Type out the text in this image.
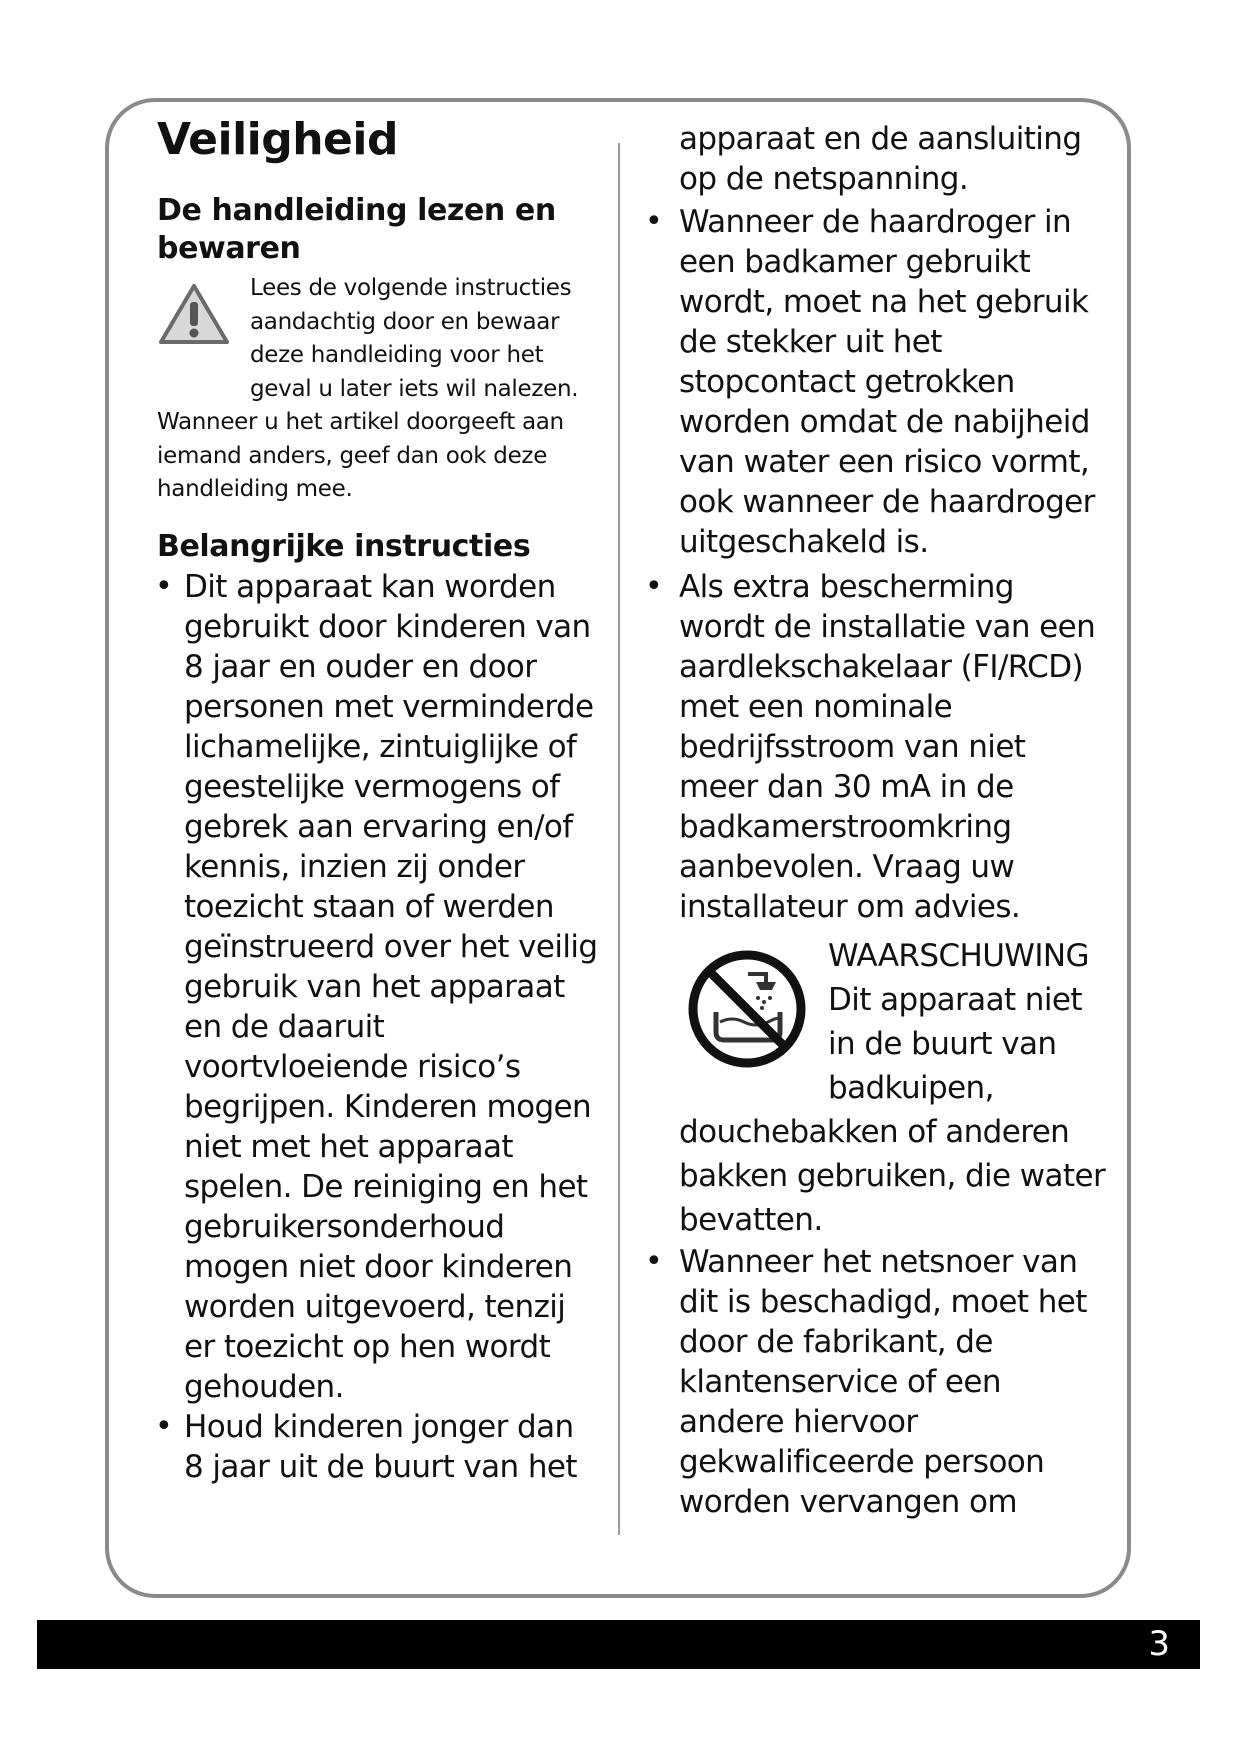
Veiligheid
De handleiding lezen en bewaren
Lees de volgende instructies
aandachtig door en bewaar
deze handleiding voor het
geval u later iets wil nalezen.
Wanneer u het artikel doorgeeft aan
iemand anders, geef dan ook deze
handleiding mee.
Belangrijke instructies
• Dit apparaat kan worden
gebruikt door kinderen van
8 jaar en ouder en door
personen met verminderde
lichamelijke, zintuiglijke of
geestelijke vermogens of
gebrek aan ervaring en/of
kennis, inzien zij onder
toezicht staan of werden
geïnstrueerd over het veilig
gebruik van het apparaat
en de daaruit
voortvloeiende risico’s
begrijpen. Kinderen mogen
niet met het apparaat
spelen. De reiniging en het
gebruikersonderhoud
mogen niet door kinderen
worden uitgevoerd, tenzij
er toezicht op hen wordt
gehouden.
• Houd kinderen jonger dan
8 jaar uit de buurt van het
apparaat en de aansluiting
op de netspanning.
• Wanneer de haardroger in
een badkamer gebruikt
wordt, moet na het gebruik
de stekker uit het
stopcontact getrokken
worden omdat de nabijheid
van water een risico vormt,
ook wanneer de haardroger
uitgeschakeld is.
• Als extra bescherming
wordt de installatie van een
aardlekschakelaar (FI/RCD)
met een nominale
bedrijfsstroom van niet
meer dan 30 mA in de
badkamerstroomkring
aanbevolen. Vraag uw
installateur om advies.
WAARSCHUWING
Dit apparaat niet
in de buurt van
badkuipen,
douchebakken of anderen
bakken gebruiken, die water
bevatten.
• Wanneer het netsnoer van
dit is beschadigd, moet het
door de fabrikant, de
klantenservice of een
andere hiervoor
gekwalificeerde persoon
worden vervangen om
3
